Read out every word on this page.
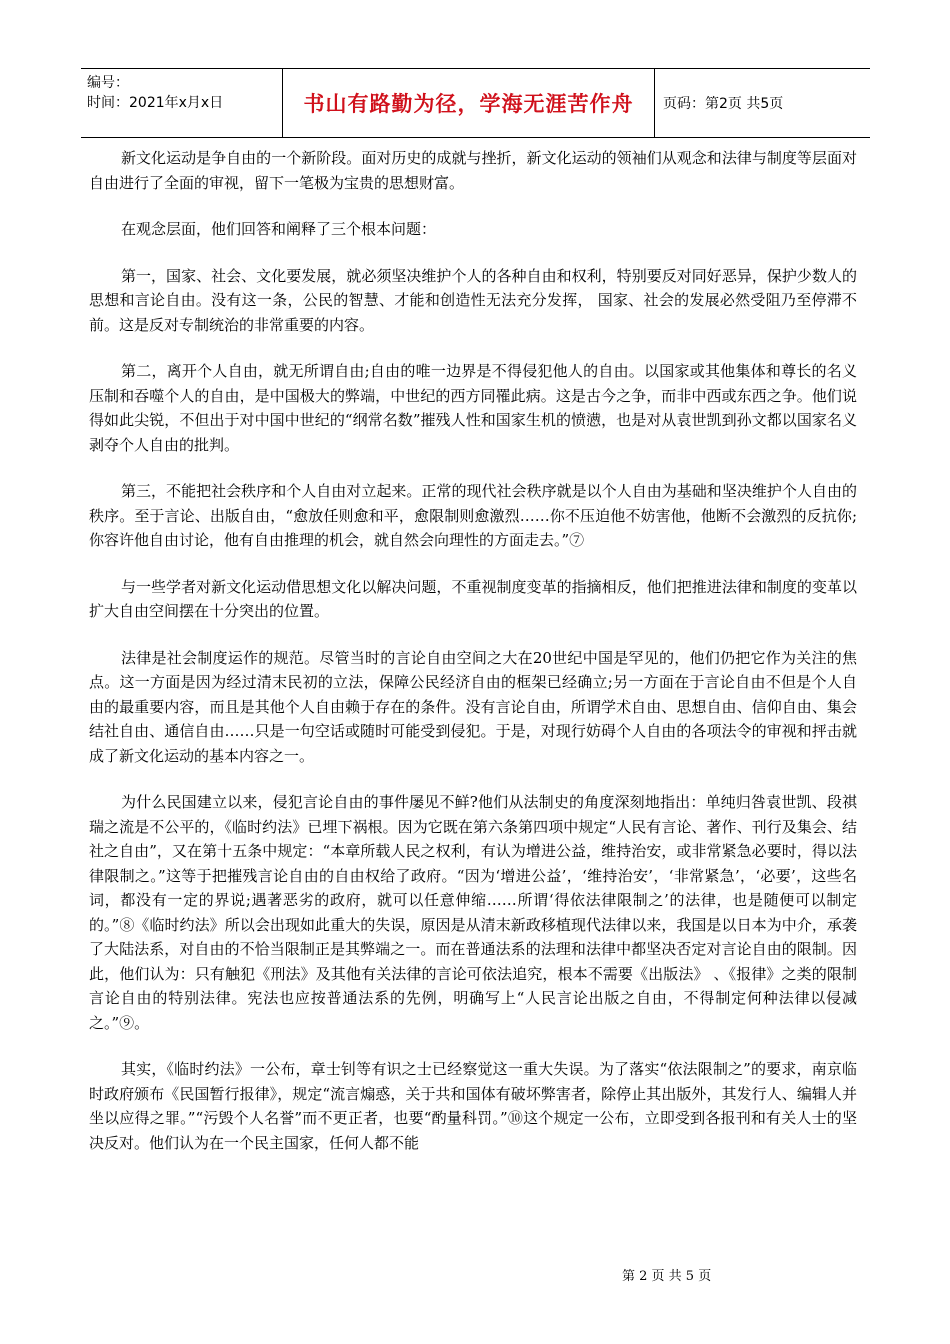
编号：
时间：2021年x月x日	书山有路勤为径，学海无涯苦作舟	页码：第2页 共5页

新文化运动是争自由的一个新阶段。面对历史的成就与挫折，新文化运动的领袖们从观念和法律与制度等层面对自由进行了全面的审视，留下一笔极为宝贵的思想财富。

在观念层面，他们回答和阐释了三个根本问题：

第一，国家、社会、文化要发展，就必须坚决维护个人的各种自由和权利，特别要反对同好恶异，保护少数人的思想和言论自由。没有这一条，公民的智慧、才能和创造性无法充分发挥， 国家、社会的发展必然受阻乃至停滞不前。这是反对专制统治的非常重要的内容。

第二，离开个人自由，就无所谓自由;自由的唯一边界是不得侵犯他人的自由。以国家或其他集体和尊长的名义压制和吞噬个人的自由，是中国极大的弊端，中世纪的西方同罹此病。这是古今之争，而非中西或东西之争。他们说得如此尖锐，不但出于对中国中世纪的“纲常名数”摧残人性和国家生机的愤懑，也是对从袁世凯到孙文都以国家名义剥夺个人自由的批判。

第三，不能把社会秩序和个人自由对立起来。正常的现代社会秩序就是以个人自由为基础和坚决维护个人自由的秩序。至于言论、出版自由，“愈放任则愈和平，愈限制则愈激烈……你不压迫他不妨害他，他断不会激烈的反抗你;你容许他自由讨论，他有自由推理的机会，就自然会向理性的方面走去。”⑦

与一些学者对新文化运动借思想文化以解决问题，不重视制度变革的指摘相反，他们把推进法律和制度的变革以扩大自由空间摆在十分突出的位置。

法律是社会制度运作的规范。尽管当时的言论自由空间之大在20世纪中国是罕见的，他们仍把它作为关注的焦点。这一方面是因为经过清末民初的立法，保障公民经济自由的框架已经确立;另一方面在于言论自由不但是个人自由的最重要内容，而且是其他个人自由赖于存在的条件。没有言论自由，所谓学术自由、思想自由、信仰自由、集会结社自由、通信自由……只是一句空话或随时可能受到侵犯。于是，对现行妨碍个人自由的各项法令的审视和抨击就成了新文化运动的基本内容之一。

为什么民国建立以来，侵犯言论自由的事件屡见不鲜?他们从法制史的角度深刻地指出：单纯归咎袁世凯、段祺瑞之流是不公平的，《临时约法》已埋下祸根。因为它既在第六条第四项中规定“人民有言论、著作、刊行及集会、结社之自由”，又在第十五条中规定：“本章所载人民之权利，有认为增进公益，维持治安，或非常紧急必要时，得以法律限制之。”这等于把摧残言论自由的自由权给了政府。“因为‘增进公益’，‘维持治安’，‘非常紧急’，‘必要’，这些名词，都没有一定的界说;遇著恶劣的政府，就可以任意伸缩……所谓‘得依法律限制之’的法律，也是随便可以制定的。”⑧《临时约法》所以会出现如此重大的失误，原因是从清末新政移植现代法律以来，我国是以日本为中介，承袭了大陆法系，对自由的不恰当限制正是其弊端之一。而在普通法系的法理和法律中都坚决否定对言论自由的限制。因 此，他们认为：只有触犯《刑法》及其他有关法律的言论可依法追究，根本不需要《出版法》 、《报律》之类的限制言论自由的特别法律。宪法也应按普通法系的先例，明确写上“人民言论出版之自由，不得制定何种法律以侵减之。”⑨。

其实，《临时约法》一公布，章士钊等有识之士已经察觉这一重大失误。为了落实“依法限制之”的要求，南京临时政府颁布《民国暂行报律》，规定“流言煽惑，关于共和国体有破坏弊害者，除停止其出版外，其发行人、编辑人并坐以应得之罪。”“污毁个人名誉”而不更正者，也要“酌量科罚。”⑩这个规定一公布，立即受到各报刊和有关人士的坚决反对。他们认为在一个民主国家，任何人都不能

第 2 页 共 5 页
